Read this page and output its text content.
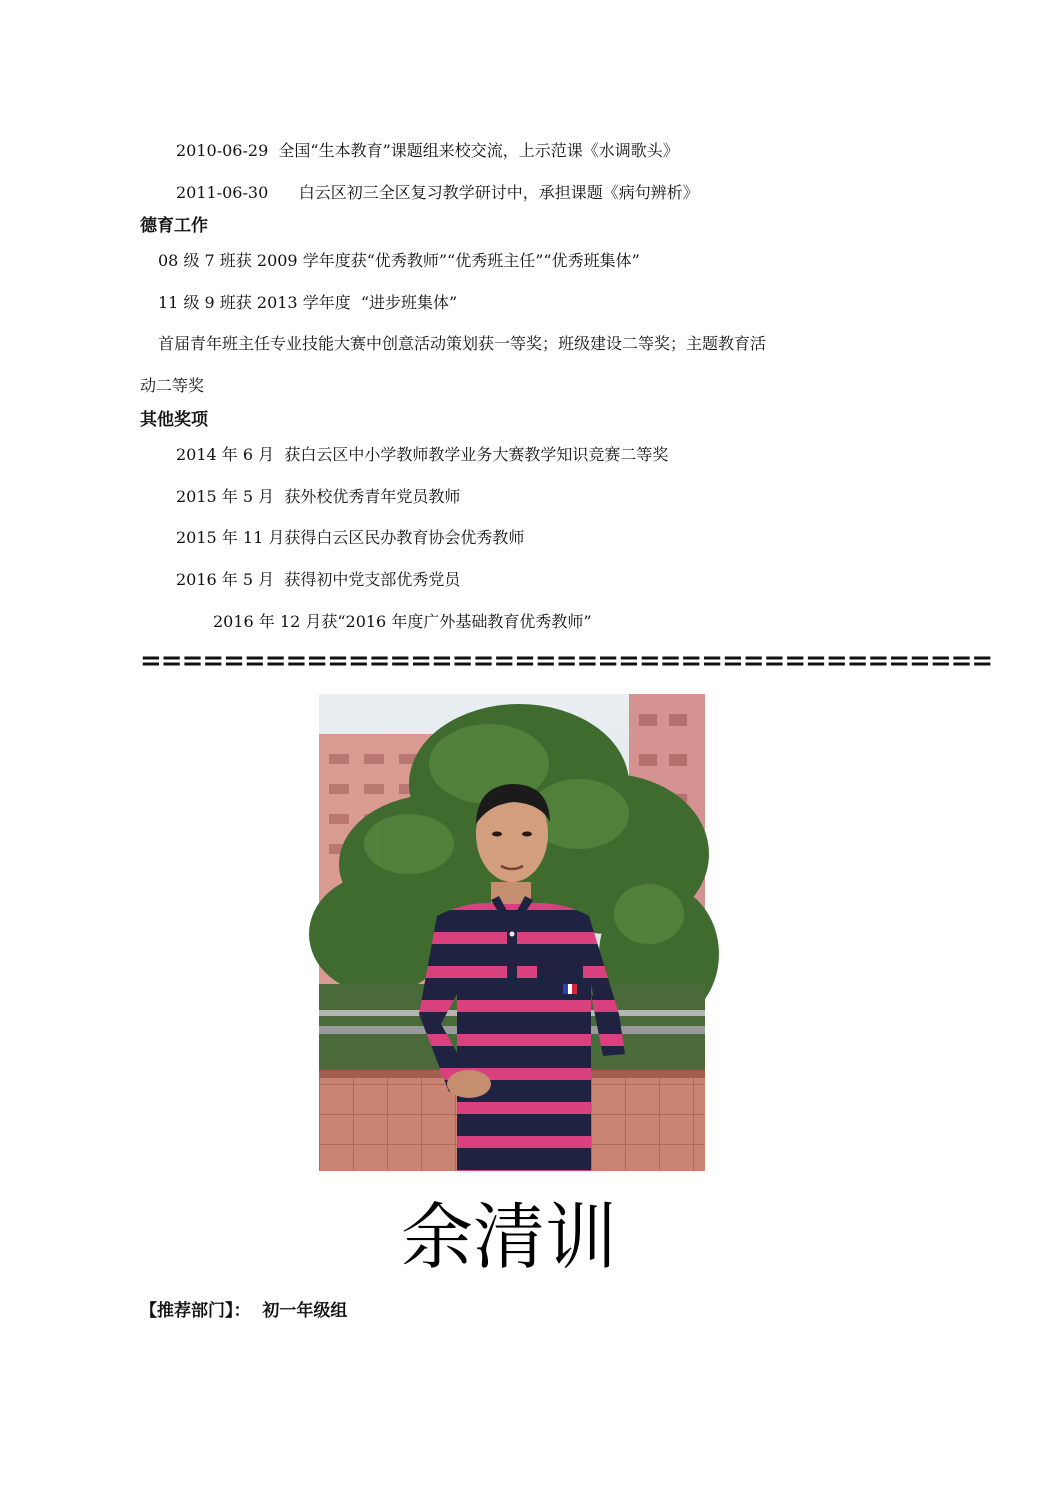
2010-06-29  全国“生本教育”课题组来校交流，上示范课《水调歌头》
2011-06-30      白云区初三全区复习教学研讨中，承担课题《病句辨析》
德育工作
08 级 7 班获 2009 学年度获“优秀教师”“优秀班主任”“优秀班集体”
11 级 9 班获 2013 学年度  “进步班集体”
首届青年班主任专业技能大赛中创意活动策划获一等奖；班级建设二等奖；主题教育活
动二等奖
其他奖项
2014 年 6 月  获白云区中小学教师教学业务大赛教学知识竞赛二等奖
2015 年 5 月  获外校优秀青年党员教师
2015 年 11 月获得白云区民办教育协会优秀教师
2016 年 5 月  获得初中党支部优秀党员
2016 年 12 月获“2016 年度广外基础教育优秀教师”
=========================================
余清训
【推荐部门】：  初一年级组
